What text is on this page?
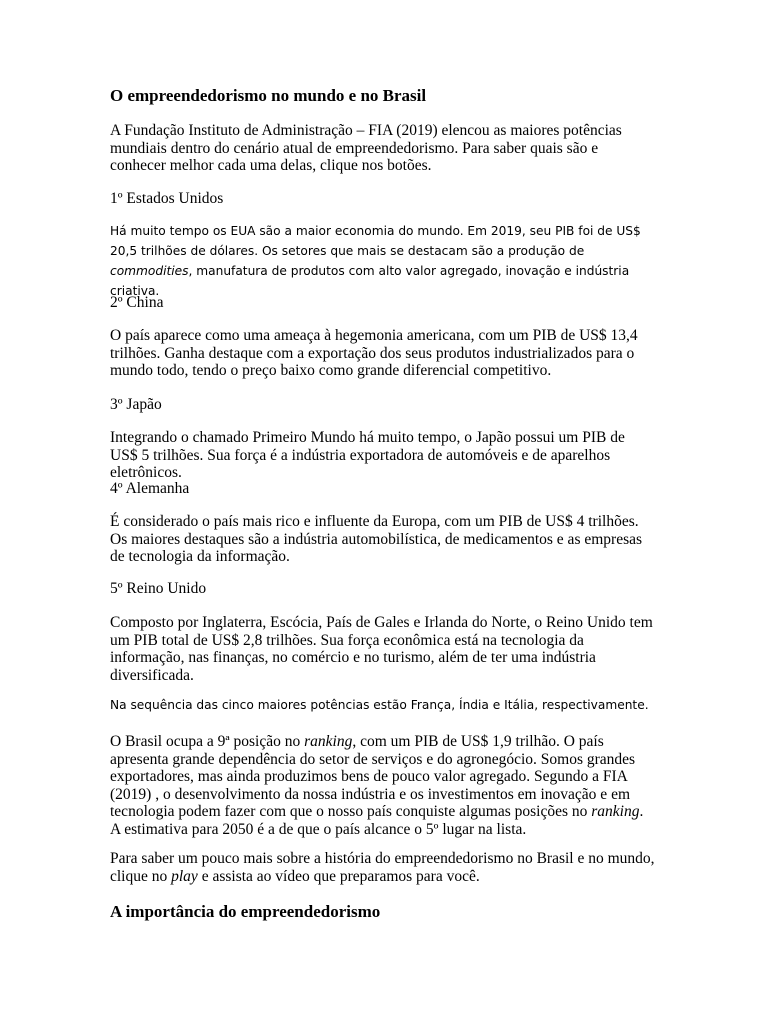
O empreendedorismo no mundo e no Brasil

A Fundação Instituto de Administração – FIA (2019) elencou as maiores potências mundiais dentro do cenário atual de empreendedorismo. Para saber quais são e conhecer melhor cada uma delas, clique nos botões.

1º Estados Unidos

Há muito tempo os EUA são a maior economia do mundo. Em 2019, seu PIB foi de US$ 20,5 trilhões de dólares. Os setores que mais se destacam são a produção de commodities, manufatura de produtos com alto valor agregado, inovação e indústria criativa.

2º China

O país aparece como uma ameaça à hegemonia americana, com um PIB de US$ 13,4 trilhões. Ganha destaque com a exportação dos seus produtos industrializados para o mundo todo, tendo o preço baixo como grande diferencial competitivo.

3º Japão

Integrando o chamado Primeiro Mundo há muito tempo, o Japão possui um PIB de US$ 5 trilhões. Sua força é a indústria exportadora de automóveis e de aparelhos eletrônicos.

4º Alemanha

É considerado o país mais rico e influente da Europa, com um PIB de US$ 4 trilhões. Os maiores destaques são a indústria automobilística, de medicamentos e as empresas de tecnologia da informação.

5º Reino Unido

Composto por Inglaterra, Escócia, País de Gales e Irlanda do Norte, o Reino Unido tem um PIB total de US$ 2,8 trilhões. Sua força econômica está na tecnologia da informação, nas finanças, no comércio e no turismo, além de ter uma indústria diversificada.

Na sequência das cinco maiores potências estão França, Índia e Itália, respectivamente.

O Brasil ocupa a 9ª posição no ranking, com um PIB de US$ 1,9 trilhão. O país apresenta grande dependência do setor de serviços e do agronegócio. Somos grandes exportadores, mas ainda produzimos bens de pouco valor agregado. Segundo a FIA (2019) , o desenvolvimento da nossa indústria e os investimentos em inovação e em tecnologia podem fazer com que o nosso país conquiste algumas posições no ranking. A estimativa para 2050 é a de que o país alcance o 5º lugar na lista.

Para saber um pouco mais sobre a história do empreendedorismo no Brasil e no mundo, clique no play e assista ao vídeo que preparamos para você.

A importância do empreendedorismo
